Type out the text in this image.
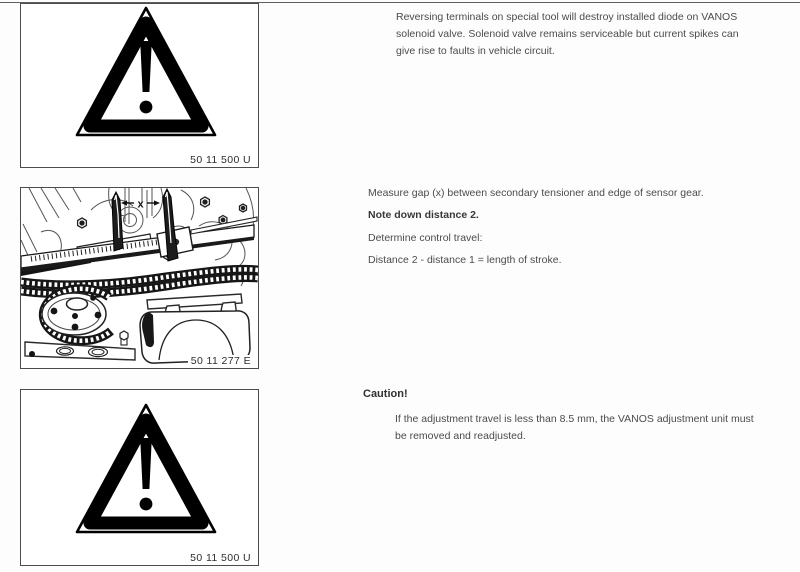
50 11 500 U
x
50 11 277 E
50 11 500 U
Reversing terminals on special tool will destroy installed diode on VANOS
solenoid valve. Solenoid valve remains serviceable but current spikes can
give rise to faults in vehicle circuit.
Measure gap (x) between secondary tensioner and edge of sensor gear.
Note down distance 2.
Determine control travel:
Distance 2 - distance 1 = length of stroke.
Caution!
If the adjustment travel is less than 8.5 mm, the VANOS adjustment unit must
be removed and readjusted.
